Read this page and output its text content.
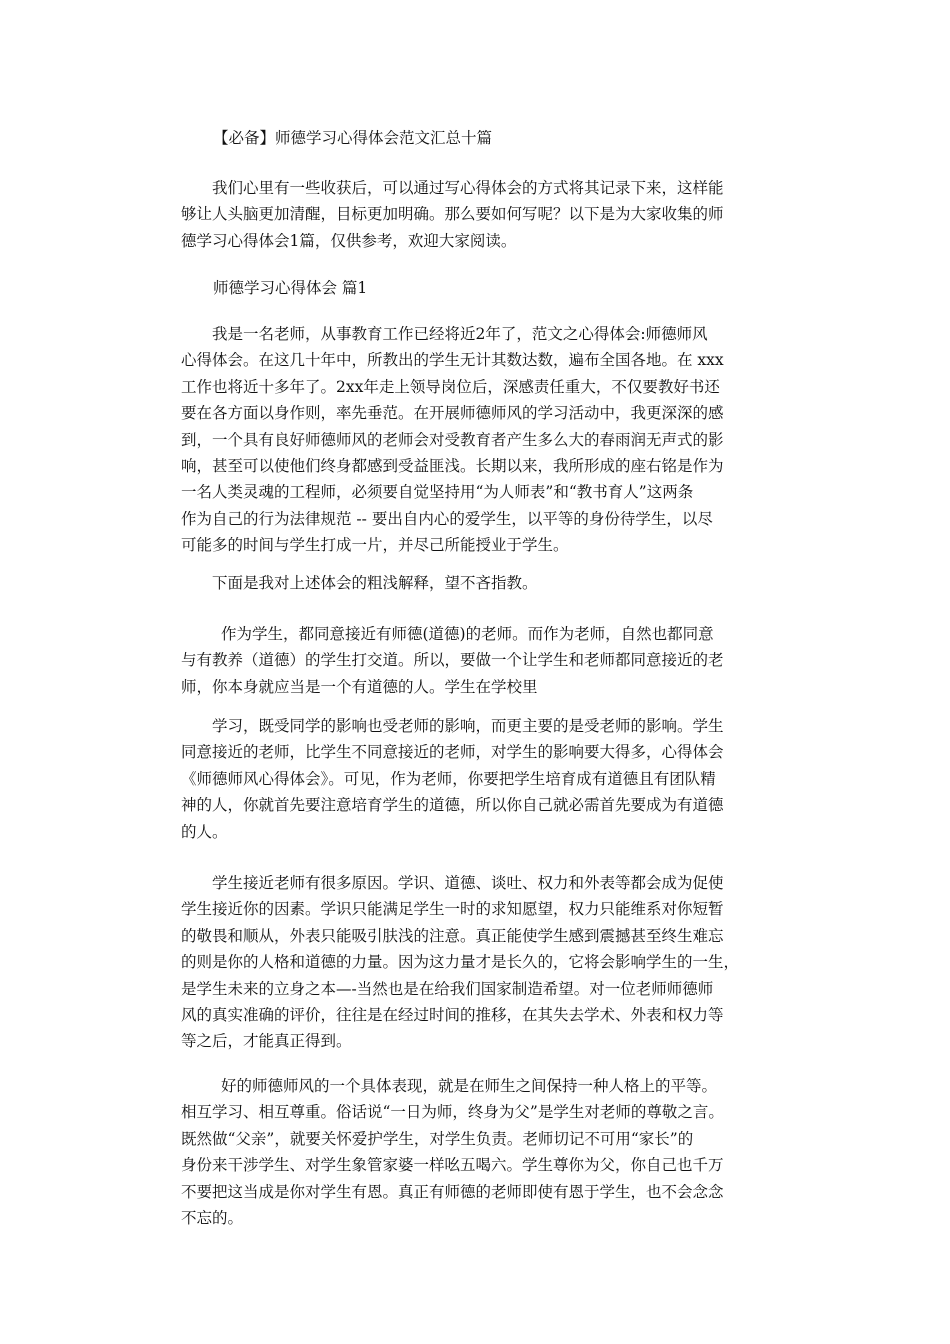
【必备】师德学习心得体会范文汇总十篇

我们心里有一些收获后，可以通过写心得体会的方式将其记录下来，这样能
够让人头脑更加清醒，目标更加明确。那么要如何写呢？以下是为大家收集的师
德学习心得体会1篇，仅供参考，欢迎大家阅读。

师德学习心得体会 篇1

我是一名老师，从事教育工作已经将近2年了，范文之心得体会:师德师风
心得体会。在这几十年中，所教出的学生无计其数达数，遍布全国各地。在 xxx
工作也将近十多年了。2xx年走上领导岗位后，深感责任重大，不仅要教好书还
要在各方面以身作则，率先垂范。在开展师德师风的学习活动中，我更深深的感
到，一个具有良好师德师风的老师会对受教育者产生多么大的春雨润无声式的影
响，甚至可以使他们终身都感到受益匪浅。长期以来，我所形成的座右铭是作为
一名人类灵魂的工程师，必须要自觉坚持用“为人师表”和“教书育人”这两条
作为自己的行为法律规范 -- 要出自内心的爱学生，以平等的身份待学生，以尽
可能多的时间与学生打成一片，并尽己所能授业于学生。

下面是我对上述体会的粗浅解释，望不吝指教。

作为学生，都同意接近有师德(道德)的老师。而作为老师，自然也都同意
与有教养（道德）的学生打交道。所以，要做一个让学生和老师都同意接近的老
师，你本身就应当是一个有道德的人。学生在学校里

学习，既受同学的影响也受老师的影响，而更主要的是受老师的影响。学生
同意接近的老师，比学生不同意接近的老师，对学生的影响要大得多，心得体会
《师德师风心得体会》。可见，作为老师，你要把学生培育成有道德且有团队精
神的人，你就首先要注意培育学生的道德，所以你自己就必需首先要成为有道德
的人。

学生接近老师有很多原因。学识、道德、谈吐、权力和外表等都会成为促使
学生接近你的因素。学识只能满足学生一时的求知愿望，权力只能维系对你短暂
的敬畏和顺从，外表只能吸引肤浅的注意。真正能使学生感到震撼甚至终生难忘
的则是你的人格和道德的力量。因为这力量才是长久的，它将会影响学生的一生，
是学生未来的立身之本—-当然也是在给我们国家制造希望。对一位老师师德师
风的真实准确的评价，往往是在经过时间的推移，在其失去学术、外表和权力等
等之后，才能真正得到。

好的师德师风的一个具体表现，就是在师生之间保持一种人格上的平等。
相互学习、相互尊重。俗话说“一日为师，终身为父”是学生对老师的尊敬之言。
既然做“父亲”，就要关怀爱护学生，对学生负责。老师切记不可用“家长”的
身份来干涉学生、对学生象管家婆一样吆五喝六。学生尊你为父，你自己也千万
不要把这当成是你对学生有恩。真正有师德的老师即使有恩于学生，也不会念念
不忘的。
